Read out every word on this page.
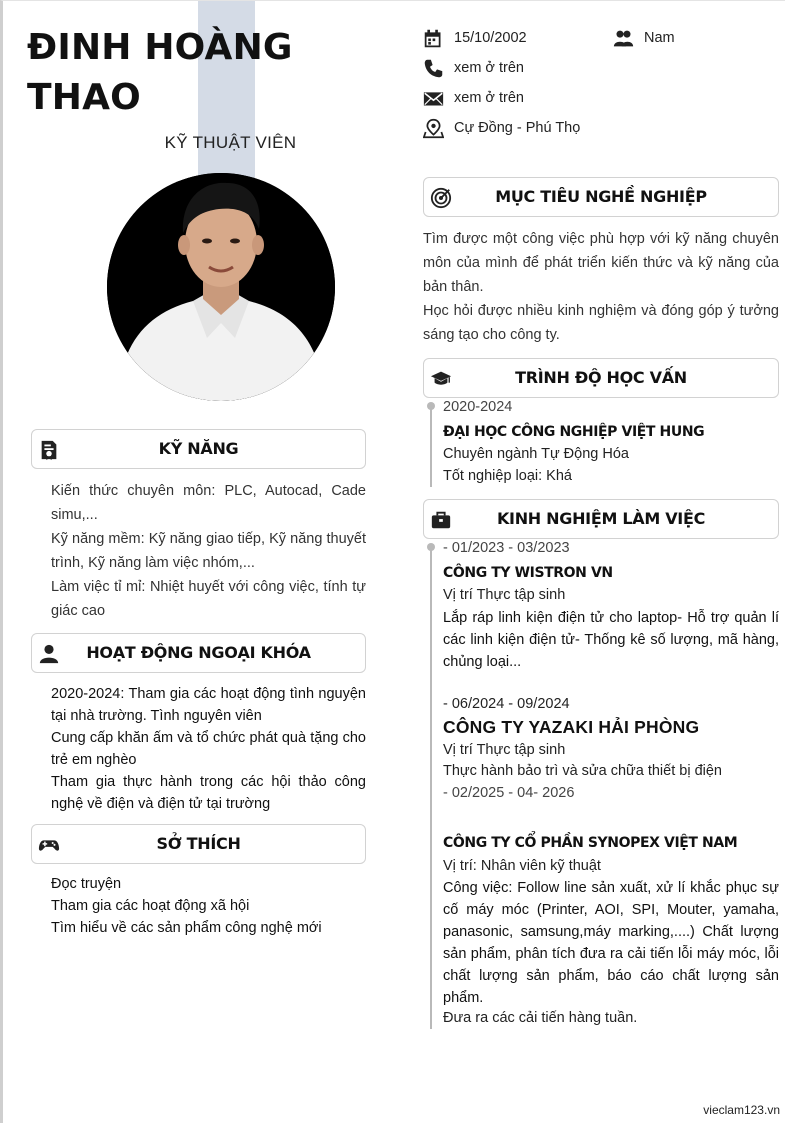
ĐINH HOÀNG
THAO
KỸ THUẬT VIÊN
15/10/2002	Nam
xem ở trên
xem ở trên
Cự Đồng - Phú Thọ
MỤC TIÊU NGHỀ NGHIỆP

Tìm được một công việc phù hợp với kỹ năng chuyên môn của mình để phát triển kiến thức và kỹ năng của bản thân.

Học hỏi được nhiều kinh nghiệm và đóng góp ý tưởng sáng tạo cho công ty.

TRÌNH ĐỘ HỌC VẤN
2020-2024
ĐẠI HỌC CÔNG NGHIỆP VIỆT HUNG
Chuyên ngành Tự Động Hóa
Tốt nghiệp loại: Khá
KINH NGHIỆM LÀM VIỆC
- 01/2023 - 03/2023
CÔNG TY WISTRON VN
Vị trí Thực tập sinh
Lắp ráp linh kiện điện tử cho laptop- Hỗ trợ quản lí các linh kiện điện tử- Thống kê số lượng, mã hàng, chủng loại...
- 06/2024 - 09/2024
CÔNG TY YAZAKI HẢI PHÒNG
Vị trí Thực tập sinh
Thực hành bảo trì và sửa chữa thiết bị điện
- 02/2025 - 04- 2026
CÔNG TY CỔ PHẦN SYNOPEX VIỆT NAM
Vị trí: Nhân viên kỹ thuật
Công việc: Follow line sản xuất, xử lí khắc phục sự cố máy móc (Printer, AOI, SPI, Mouter, yamaha, panasonic, samsung,máy marking,....) Chất lượng sản phẩm, phân tích đưa ra cải tiến lỗi máy móc, lỗi chất lượng sản phẩm, báo cáo chất lượng sản phẩm.
Đưa ra các cải tiến hàng tuần.
KỸ NĂNG

Kiến thức chuyên môn: PLC, Autocad, Cade simu,...

Kỹ năng mềm: Kỹ năng giao tiếp, Kỹ năng thuyết trình, Kỹ năng làm việc nhóm,...

Làm việc tỉ mỉ: Nhiệt huyết với công việc, tính tự giác cao

HOẠT ĐỘNG NGOẠI KHÓA

2020-2024: Tham gia các hoạt động tình nguyện tại nhà trường. Tình nguyên viên

Cung cấp khăn ấm và tổ chức phát quà tặng cho trẻ em nghèo

Tham gia thực hành trong các hội thảo công nghệ về điện và điện tử tại trường

SỞ THÍCH

Đọc truyện

Tham gia các hoạt động xã hội

Tìm hiểu về các sản phẩm công nghệ mới

vieclam123.vn
